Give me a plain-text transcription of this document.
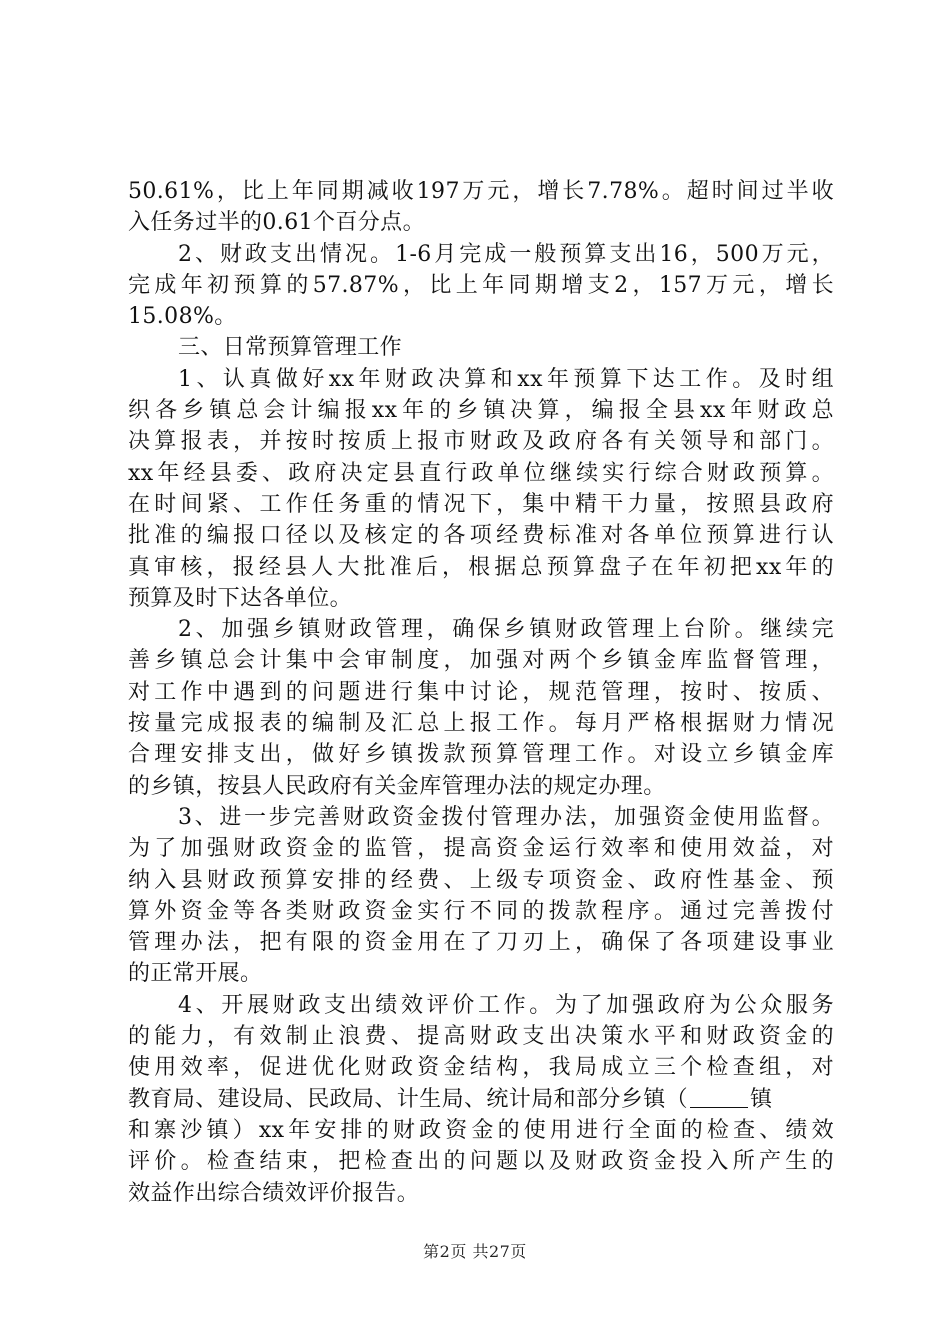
50.61%，比上年同期减收197万元，增长7.78%。超时间过半收
入任务过半的0.61个百分点。
2、财政支出情况。1-6月完成一般预算支出16，500万元，
完成年初预算的57.87%，比上年同期增支2，157万元，增长
15.08%。
三、日常预算管理工作
1、认真做好xx年财政决算和xx年预算下达工作。及时组
织各乡镇总会计编报xx年的乡镇决算，编报全县xx年财政总
决算报表，并按时按质上报市财政及政府各有关领导和部门。
xx年经县委、政府决定县直行政单位继续实行综合财政预算。
在时间紧、工作任务重的情况下，集中精干力量，按照县政府
批准的编报口径以及核定的各项经费标准对各单位预算进行认
真审核，报经县人大批准后，根据总预算盘子在年初把xx年的
预算及时下达各单位。
2、加强乡镇财政管理，确保乡镇财政管理上台阶。继续完
善乡镇总会计集中会审制度，加强对两个乡镇金库监督管理，
对工作中遇到的问题进行集中讨论，规范管理，按时、按质、
按量完成报表的编制及汇总上报工作。每月严格根据财力情况
合理安排支出，做好乡镇拨款预算管理工作。对设立乡镇金库
的乡镇，按县人民政府有关金库管理办法的规定办理。
3、进一步完善财政资金拨付管理办法，加强资金使用监督。
为了加强财政资金的监管，提高资金运行效率和使用效益，对
纳入县财政预算安排的经费、上级专项资金、政府性基金、预
算外资金等各类财政资金实行不同的拨款程序。通过完善拨付
管理办法，把有限的资金用在了刀刃上，确保了各项建设事业
的正常开展。
4、开展财政支出绩效评价工作。为了加强政府为公众服务
的能力，有效制止浪费、提高财政支出决策水平和财政资金的
使用效率，促进优化财政资金结构，我局成立三个检查组，对
教育局、建设局、民政局、计生局、统计局和部分乡镇（	镇
和寨沙镇）xx年安排的财政资金的使用进行全面的检查、绩效
评价。检查结束，把检查出的问题以及财政资金投入所产生的
效益作出综合绩效评价报告。
第2页 共27页
